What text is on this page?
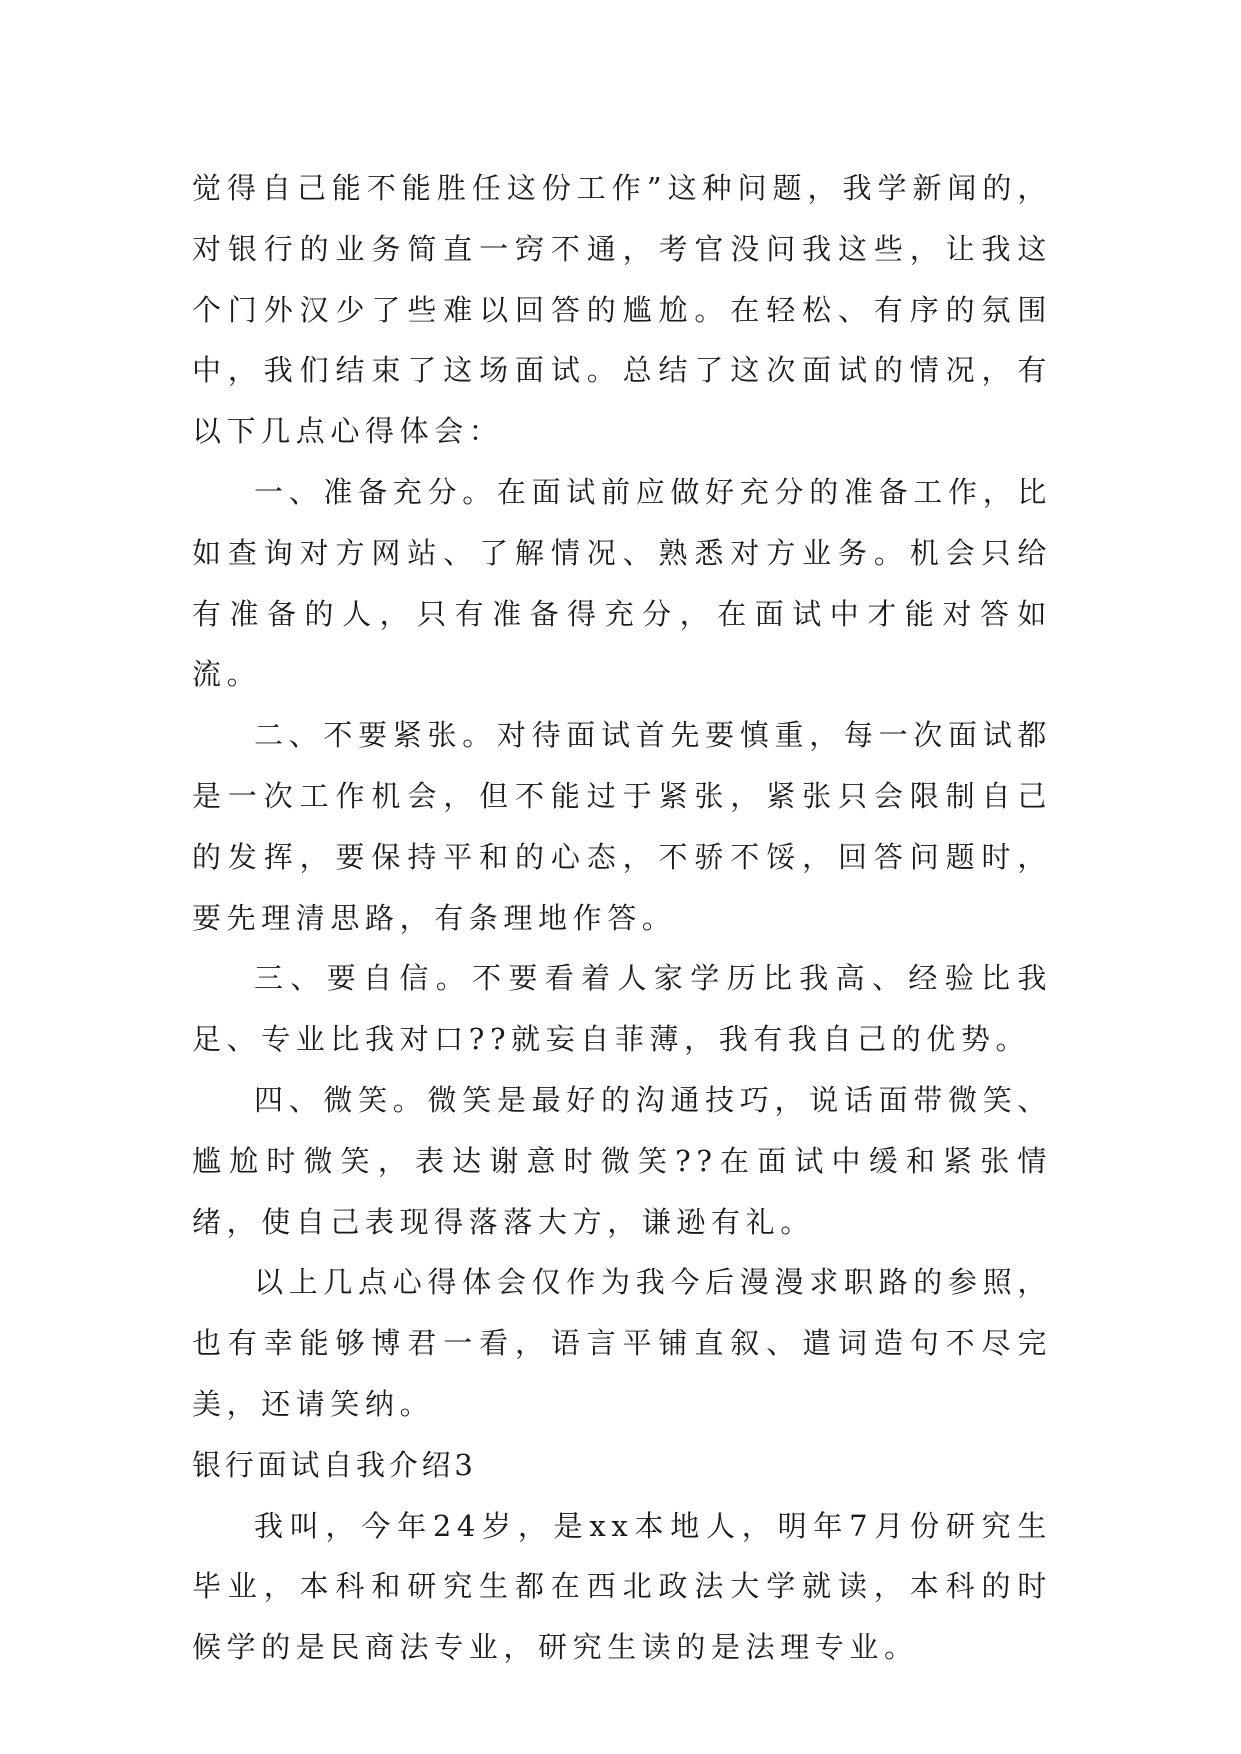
觉得自己能不能胜任这份工作”这种问题，我学新闻的，对银行的业务简直一窍不通，考官没问我这些，让我这个门外汉少了些难以回答的尴尬。在轻松、有序的氛围中，我们结束了这场面试。总结了这次面试的情况，有以下几点心得体会：

一、准备充分。在面试前应做好充分的准备工作，比如查询对方网站、了解情况、熟悉对方业务。机会只给有准备的人，只有准备得充分，在面试中才能对答如流。

二、不要紧张。对待面试首先要慎重，每一次面试都是一次工作机会，但不能过于紧张，紧张只会限制自己的发挥，要保持平和的心态，不骄不馁，回答问题时，要先理清思路，有条理地作答。

三、要自信。不要看着人家学历比我高、经验比我足、专业比我对口??就妄自菲薄，我有我自己的优势。

四、微笑。微笑是最好的沟通技巧，说话面带微笑、尴尬时微笑，表达谢意时微笑??在面试中缓和紧张情绪，使自己表现得落落大方，谦逊有礼。

以上几点心得体会仅作为我今后漫漫求职路的参照，也有幸能够博君一看，语言平铺直叙、遣词造句不尽完美，还请笑纳。

银行面试自我介绍3

我叫，今年24岁，是xx本地人，明年7月份研究生毕业，本科和研究生都在西北政法大学就读，本科的时候学的是民商法专业，研究生读的是法理专业。
